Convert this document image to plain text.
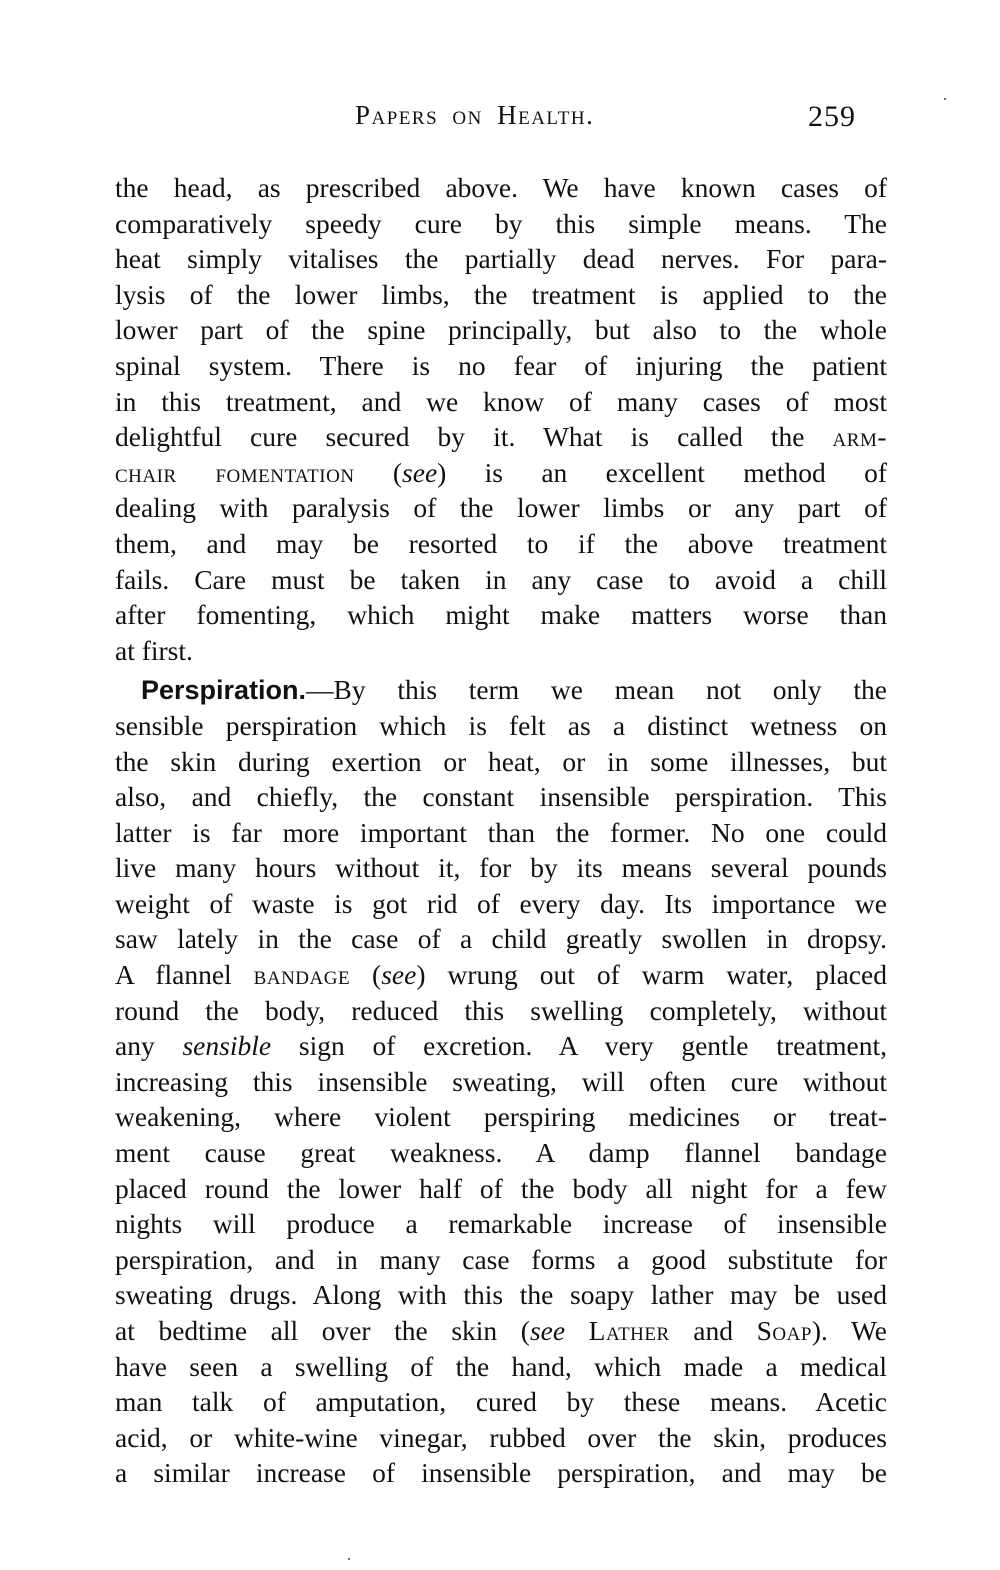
Papers on Health.	259
the head, as prescribed above. We have known cases of
comparatively speedy cure by this simple means. The
heat simply vitalises the partially dead nerves. For para-
lysis of the lower limbs, the treatment is applied to the
lower part of the spine principally, but also to the whole
spinal system. There is no fear of injuring the patient
in this treatment, and we know of many cases of most
delightful cure secured by it. What is called the arm-
chair fomentation (see) is an excellent method of
dealing with paralysis of the lower limbs or any part of
them, and may be resorted to if the above treatment
fails. Care must be taken in any case to avoid a chill
after fomenting, which might make matters worse than
at first.
Perspiration.—By this term we mean not only the
sensible perspiration which is felt as a distinct wetness on
the skin during exertion or heat, or in some illnesses, but
also, and chiefly, the constant insensible perspiration. This
latter is far more important than the former. No one could
live many hours without it, for by its means several pounds
weight of waste is got rid of every day. Its importance we
saw lately in the case of a child greatly swollen in dropsy.
A flannel bandage (see) wrung out of warm water, placed
round the body, reduced this swelling completely, without
any sensible sign of excretion. A very gentle treatment,
increasing this insensible sweating, will often cure without
weakening, where violent perspiring medicines or treat-
ment cause great weakness. A damp flannel bandage
placed round the lower half of the body all night for a few
nights will produce a remarkable increase of insensible
perspiration, and in many case forms a good substitute for
sweating drugs. Along with this the soapy lather may be used
at bedtime all over the skin (see Lather and Soap). We
have seen a swelling of the hand, which made a medical
man talk of amputation, cured by these means. Acetic
acid, or white-wine vinegar, rubbed over the skin, produces
a similar increase of insensible perspiration, and may be
